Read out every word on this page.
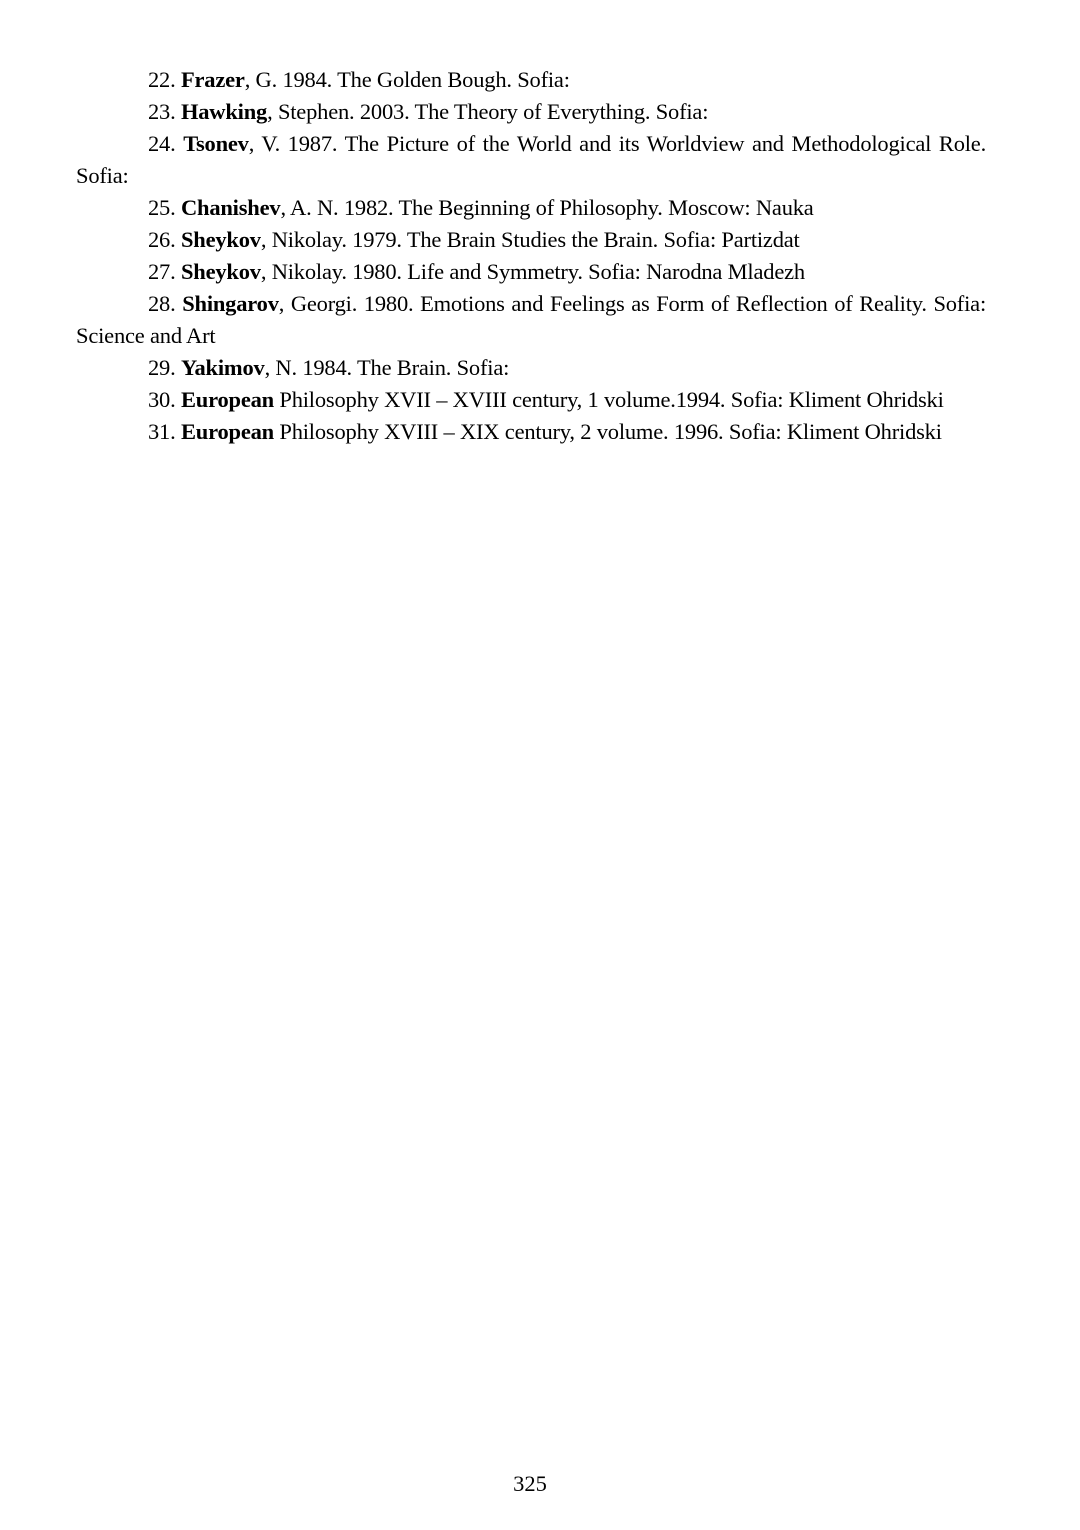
22. Frazer, G. 1984. The Golden Bough. Sofia:

23. Hawking, Stephen. 2003. The Theory of Everything. Sofia:

24. Tsonev, V. 1987. The Picture of the World and its Worldview and Methodological Role. Sofia:

25. Chanishev, A. N. 1982. The Beginning of Philosophy. Moscow: Nauka

26. Sheykov, Nikolay. 1979. The Brain Studies the Brain. Sofia: Partizdat

27. Sheykov, Nikolay. 1980. Life and Symmetry. Sofia: Narodna Mladezh

28. Shingarov, Georgi. 1980. Emotions and Feelings as Form of Reflection of Reality. Sofia: Science and Art

29. Yakimov, N. 1984. The Brain. Sofia:

30. European Philosophy XVII – XVIII century, 1 volume.1994. Sofia: Kliment Ohridski

31. European Philosophy XVIII – XIX century, 2 volume. 1996. Sofia: Kliment Ohridski

325
